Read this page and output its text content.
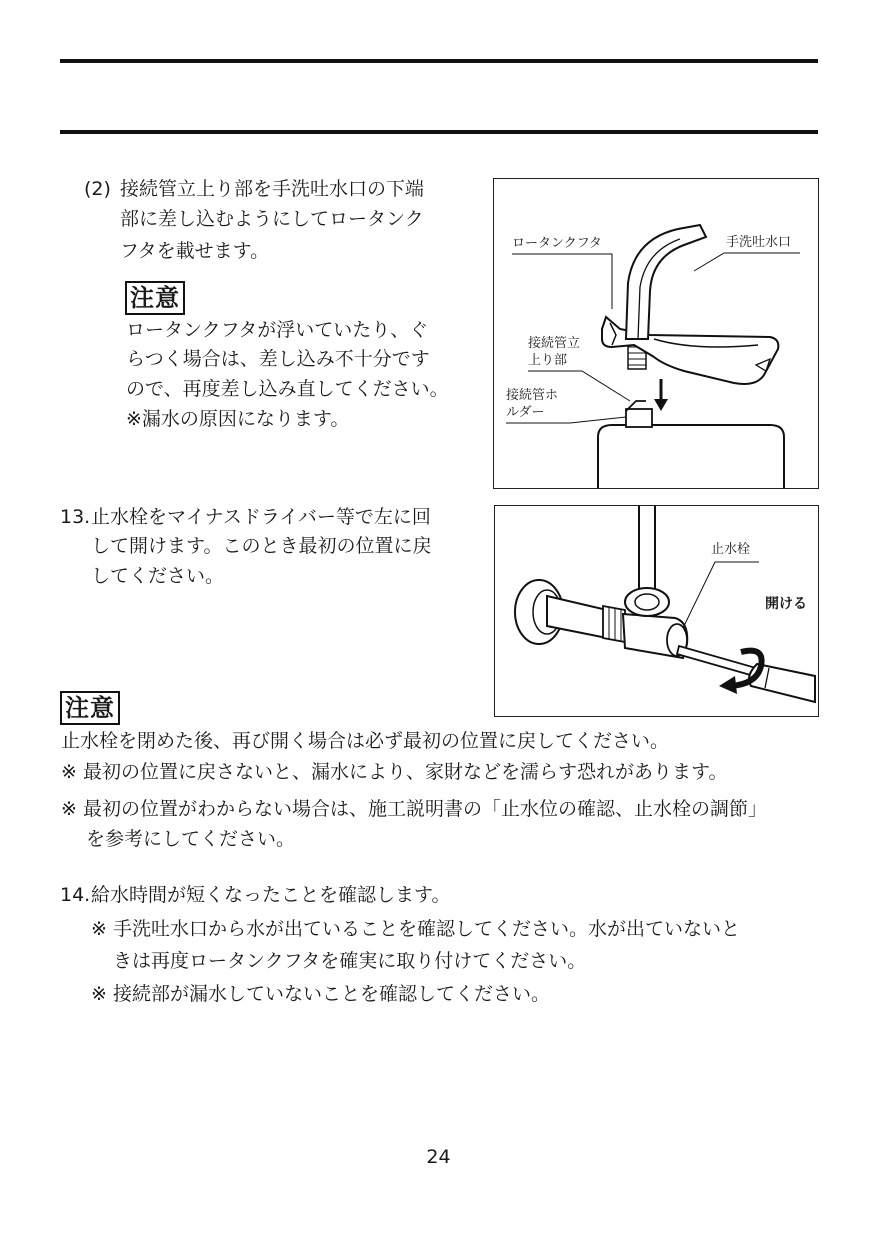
(2) 接続管立上り部を手洗吐水口の下端
部に差し込むようにしてロータンク
フタを載せます。
注意
ロータンクフタが浮いていたり、ぐ
らつく場合は、差し込み不十分です
ので、再度差し込み直してください。
※漏水の原因になります。
ロータンクフタ	手洗吐水口
接続管立
上り部
接続管ホ
ルダー
13. 止水栓をマイナスドライバー等で左に回
して開けます。このとき最初の位置に戻
してください。
止水栓
開ける
注意
止水栓を閉めた後、再び開く場合は必ず最初の位置に戻してください。
※ 最初の位置に戻さないと、漏水により、家財などを濡らす恐れがあります。
※ 最初の位置がわからない場合は、施工説明書の「止水位の確認、止水栓の調節」
を参考にしてください。
14. 給水時間が短くなったことを確認します。
※ 手洗吐水口から水が出ていることを確認してください。水が出ていないと
きは再度ロータンクフタを確実に取り付けてください。
※ 接続部が漏水していないことを確認してください。
24
